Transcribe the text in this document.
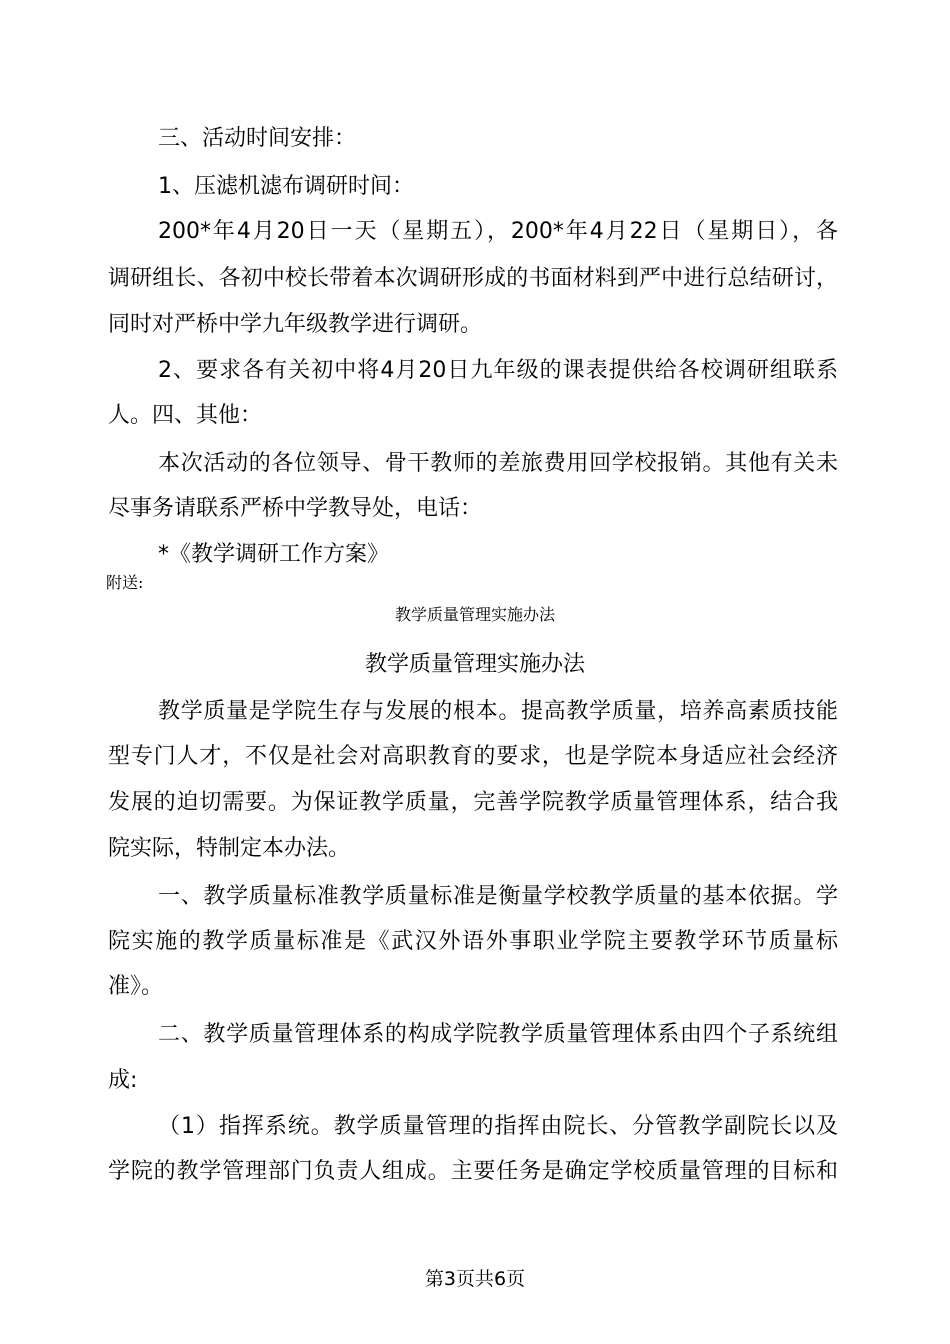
三、活动时间安排：
1、压滤机滤布调研时间：
200*年4月20日一天（星期五），200*年4月22日（星期日），各
调研组长、各初中校长带着本次调研形成的书面材料到严中进行总结研讨，
同时对严桥中学九年级教学进行调研。
2、要求各有关初中将4月20日九年级的课表提供给各校调研组联系
人。四、其他：
本次活动的各位领导、骨干教师的差旅费用回学校报销。其他有关未
尽事务请联系严桥中学教导处，电话：
*《教学调研工作方案》
附送:
教学质量管理实施办法
教学质量管理实施办法
教学质量是学院生存与发展的根本。提高教学质量，培养高素质技能
型专门人才，不仅是社会对高职教育的要求，也是学院本身适应社会经济
发展的迫切需要。为保证教学质量，完善学院教学质量管理体系，结合我
院实际，特制定本办法。
一、教学质量标准教学质量标准是衡量学校教学质量的基本依据。学
院实施的教学质量标准是《武汉外语外事职业学院主要教学环节质量标
准》。
二、教学质量管理体系的构成学院教学质量管理体系由四个子系统组
成:
（1）指挥系统。教学质量管理的指挥由院长、分管教学副院长以及
学院的教学管理部门负责人组成。主要任务是确定学校质量管理的目标和
第3页共6页
